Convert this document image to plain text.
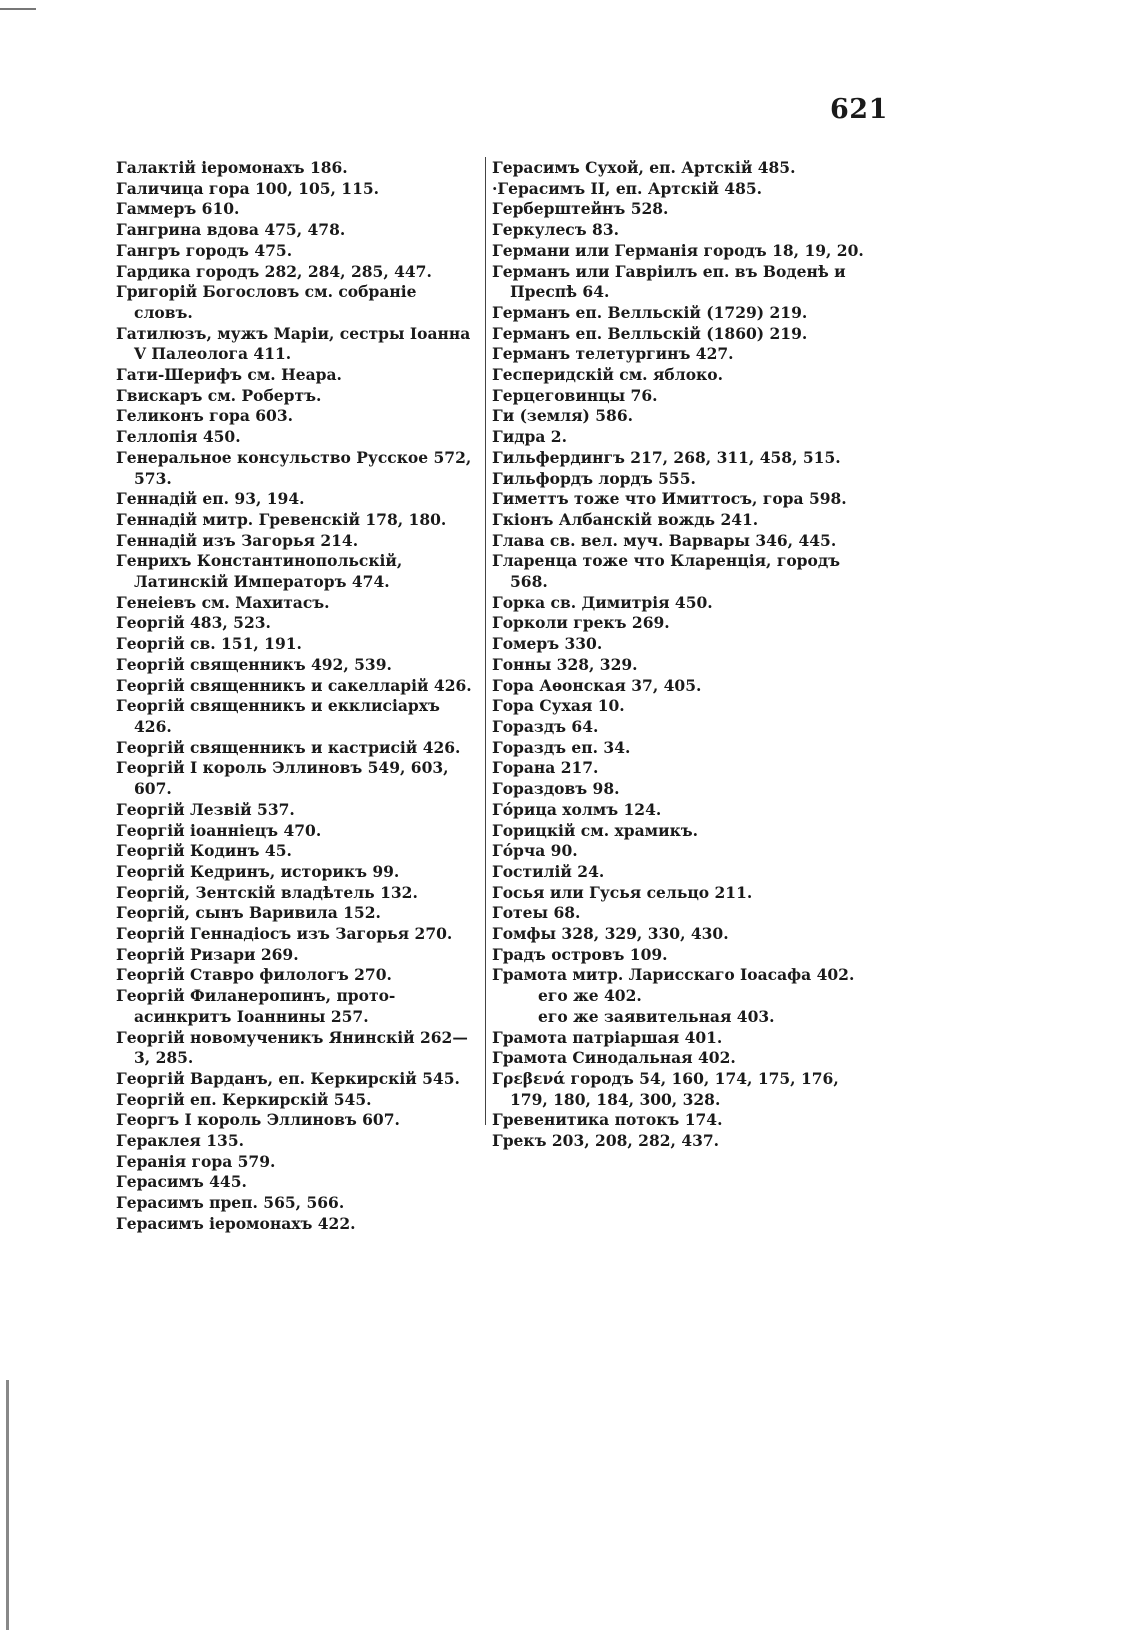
621

Галактій іеромонахъ 186.

Галичица гора 100, 105, 115.

Гаммеръ 610.

Гангрина вдова 475, 478.

Гангръ городъ 475.

Гардика городъ 282, 284, 285, 447.

Григорій Богословъ см. собраніе словъ.

Гатилюзъ, мужъ Маріи, сестры Іоанна V Палеолога 411.

Гати-Шерифъ см. Неара.

Гвискаръ см. Робертъ.

Геликонъ гора 603.

Геллопія 450.

Генеральное консульство Русское 572, 573.

Геннадій еп. 93, 194.

Геннадій митр. Гревенскій 178, 180.

Геннадій изъ Загорья 214.

Генрихъ Константинопольскій, Латинскій Императоръ 474.

Генеіевъ см. Махитасъ.

Георгій 483, 523.

Георгій св. 151, 191.

Георгій священникъ 492, 539.

Георгій священникъ и сакелларій 426.

Георгій священникъ и екклисіархъ 426.

Георгій священникъ и кастрисій 426.

Георгій I король Эллиновъ 549, 603, 607.

Георгій Лезвій 537.

Георгій іоанніецъ 470.

Георгій Кодинъ 45.

Георгій Кедринъ, историкъ 99.

Георгій, Зентскій владѣтель 132.

Георгій, сынъ Варивила 152.

Георгій Геннадіосъ изъ Загорья 270.

Георгій Ризари 269.

Георгій Ставро филологъ 270.

Георгій Филанеропинъ, прото-асинкритъ Іоаннины 257.

Георгій новомученикъ Янинскій 262—3, 285.

Георгій Варданъ, еп. Керкирскій 545.

Георгій еп. Керкирскій 545.

Георгъ I король Эллиновъ 607.

Гераклея 135.

Геранія гора 579.

Герасимъ 445.

Герасимъ преп. 565, 566.

Герасимъ іеромонахъ 422.

Герасимъ Сухой, еп. Артскій 485.

·Герасимъ II, еп. Артскій 485.

Герберштейнъ 528.

Геркулесъ 83.

Германи или Германія городъ 18, 19, 20.

Германъ или Гавріилъ еп. въ Воденѣ и Преспѣ 64.

Германъ еп. Велльскій (1729) 219.

Германъ еп. Велльскій (1860) 219.

Германъ телетургинъ 427.

Гесперидскій см. яблоко.

Герцеговинцы 76.

Ги (земля) 586.

Гидра 2.

Гильфердингъ 217, 268, 311, 458, 515.

Гильфордъ лордъ 555.

Гиметтъ тоже что Имиттосъ, гора 598.

Гкіонъ Албанскій вождь 241.

Глава св. вел. муч. Варвары 346, 445.

Гларенца тоже что Кларенція, городъ 568.

Горка св. Димитрія 450.

Горколи грекъ 269.

Гомеръ 330.

Гонны 328, 329.

Гора Аѳонская 37, 405.

Гора Сухая 10.

Гораздъ 64.

Гораздъ еп. 34.

Горана 217.

Гораздовъ 98.

Гóрица холмъ 124.

Горицкій см. храмикъ.

Гóрча 90.

Гостилій 24.

Госья или Гусья сельцо 211.

Готеы 68.

Гомфы 328, 329, 330, 430.

Градъ островъ 109.

Грамота митр. Ларисскаго Іоасафа 402.

его же 402.

его же заявительная 403.

Грамота патріаршая 401.

Грамота Синодальная 402.

Γρεβενά городъ 54, 160, 174, 175, 176, 179, 180, 184, 300, 328.

Гревенитика потокъ 174.

Грекъ 203, 208, 282, 437.
